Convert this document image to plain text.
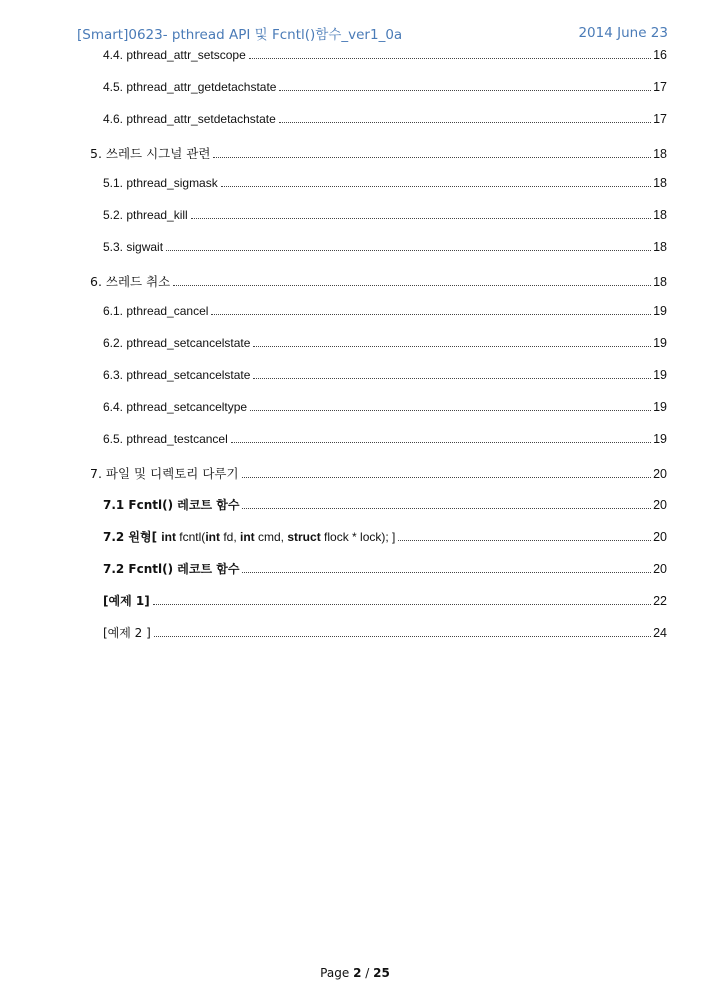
[Smart]0623- pthread API 및 Fcntl()함수_ver1_0a	2014 June 23
4.4. pthread_attr_setscope	16
4.5. pthread_attr_getdetachstate	17
4.6. pthread_attr_setdetachstate	17
5. 쓰레드 시그널 관련	18
5.1. pthread_sigmask	18
5.2. pthread_kill	18
5.3. sigwait	18
6. 쓰레드 취소	18
6.1. pthread_cancel	19
6.2. pthread_setcancelstate	19
6.3. pthread_setcancelstate	19
6.4. pthread_setcanceltype	19
6.5. pthread_testcancel	19
7. 파일 및 디렉토리 다루기	20
7.1 Fcntl() 레코트 함수	20
7.2 원형[ int fcntl(int fd, int cmd, struct flock * lock); ]	20
7.2 Fcntl() 레코트 함수	20
[예제 1]	22
[예제 2 ]	24
Page 2 / 25
